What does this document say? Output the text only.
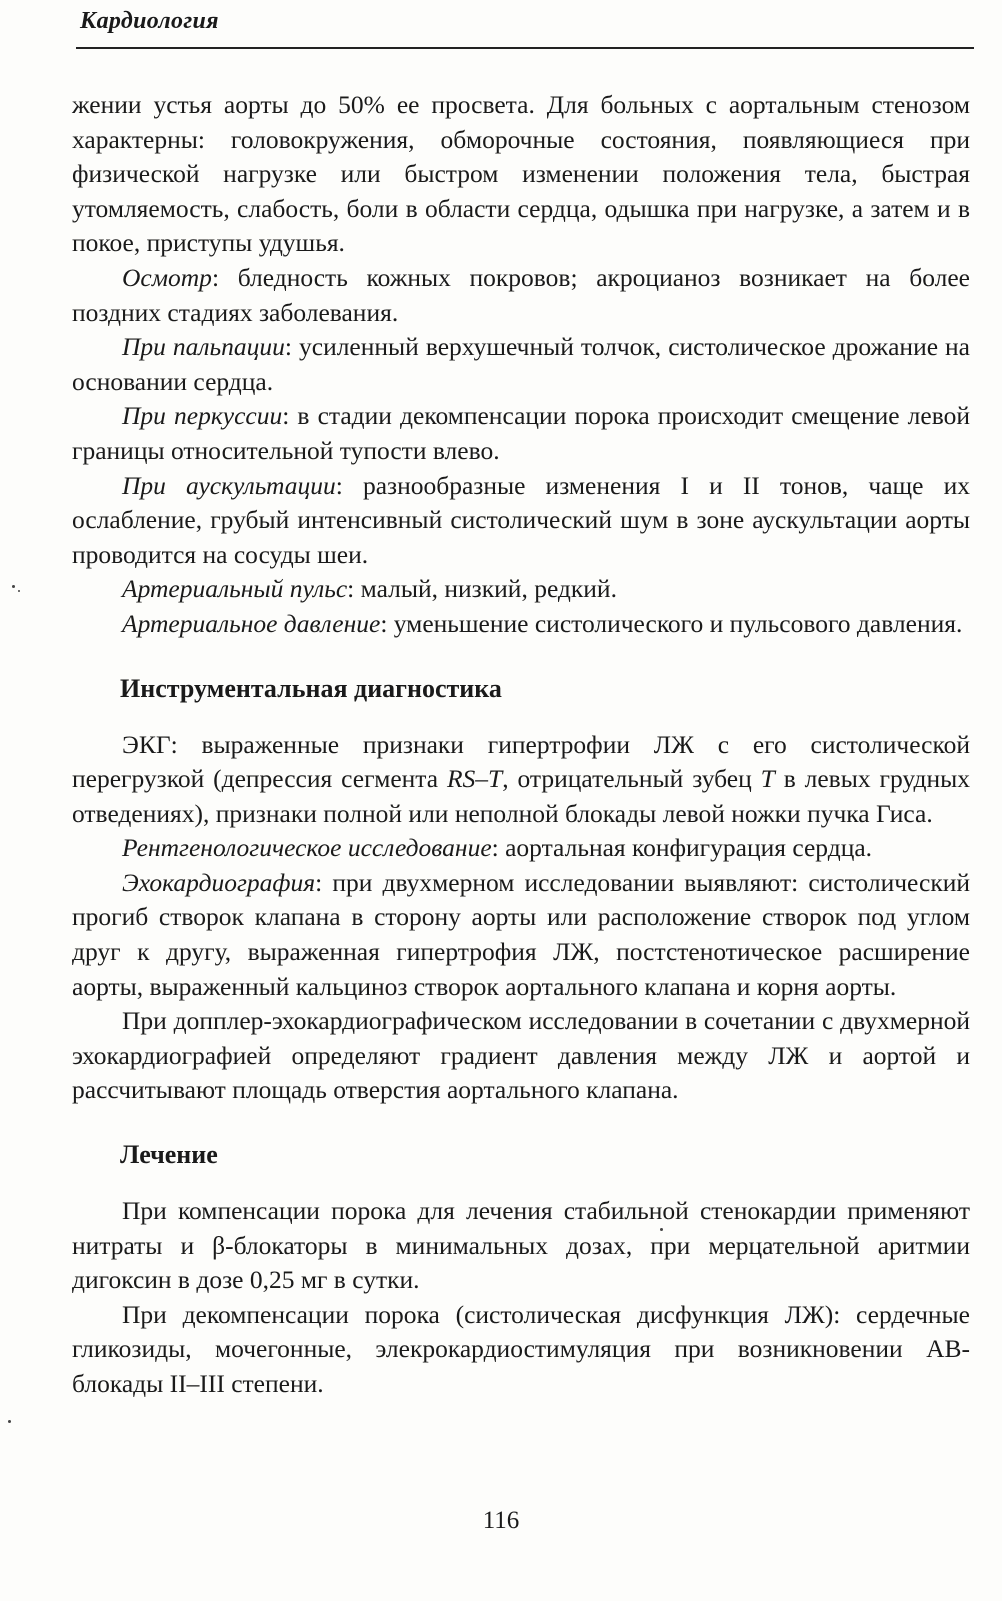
Кардиология

жении устья аорты до 50% ее просвета. Для больных с аортальным стенозом характерны: головокружения, обморочные состояния, появляющиеся при физической нагрузке или быстром изменении положения тела, быстрая утомляемость, слабость, боли в области сердца, одышка при нагрузке, а затем и в покое, приступы удушья.

Осмотр: бледность кожных покровов; акроцианоз возникает на более поздних стадиях заболевания.

При пальпации: усиленный верхушечный толчок, систолическое дрожание на основании сердца.

При перкуссии: в стадии декомпенсации порока происходит смещение левой границы относительной тупости влево.

При аускультации: разнообразные изменения I и II тонов, чаще их ослабление, грубый интенсивный систолический шум в зоне аускультации аорты проводится на сосуды шеи.

Артериальный пульс: малый, низкий, редкий.

Артериальное давление: уменьшение систолического и пульсового давления.

Инструментальная диагностика

ЭКГ: выраженные признаки гипертрофии ЛЖ с его систолической перегрузкой (депрессия сегмента RS–T, отрицательный зубец T в левых грудных отведениях), признаки полной или неполной блокады левой ножки пучка Гиса.

Рентгенологическое исследование: аортальная конфигурация сердца.

Эхокардиография: при двухмерном исследовании выявляют: систолический прогиб створок клапана в сторону аорты или расположение створок под углом друг к другу, выраженная гипертрофия ЛЖ, постстенотическое расширение аорты, выраженный кальциноз створок аортального клапана и корня аорты.

При допплер-эхокардиографическом исследовании в сочетании с двухмерной эхокардиографией определяют градиент давления между ЛЖ и аортой и рассчитывают площадь отверстия аортального клапана.

Лечение

При компенсации порока для лечения стабильной стенокардии применяют нитраты и β-блокаторы в минимальных дозах, при мерцательной аритмии дигоксин в дозе 0,25 мг в сутки.

При декомпенсации порока (систолическая дисфункция ЛЖ): сердечные гликозиды, мочегонные, элекрокардиостимуляция при возникновении АВ-блокады II–III степени.

116
